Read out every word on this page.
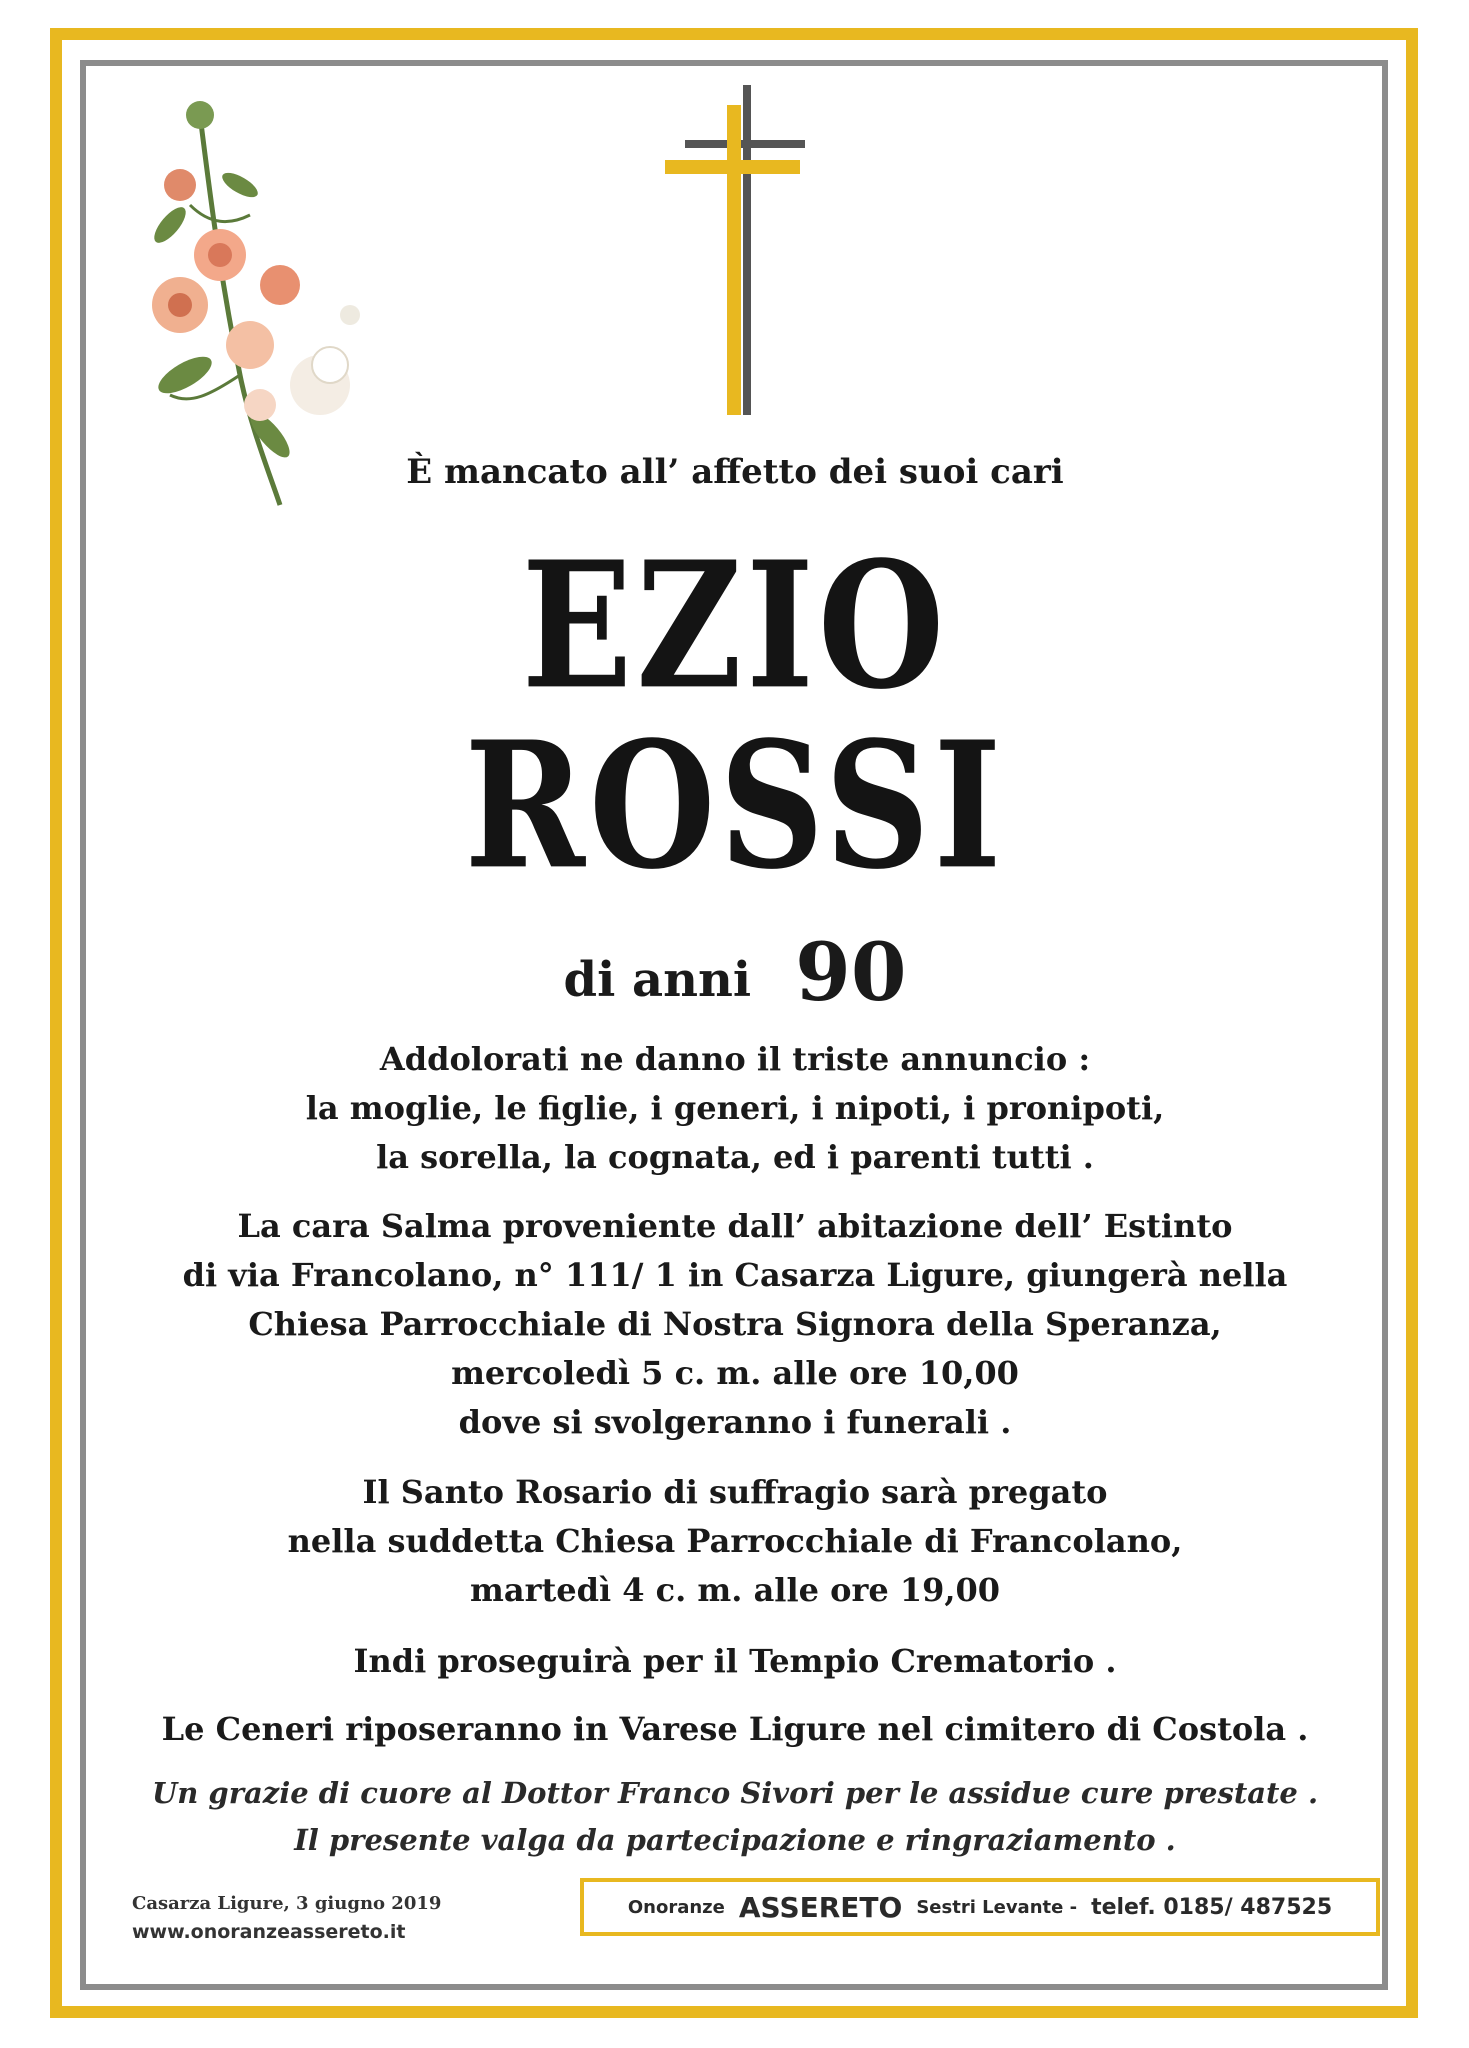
È mancato all’ affetto dei suoi cari
EZIO
ROSSI
di anni 90
Addolorati ne danno il triste annuncio :
la moglie, le figlie, i generi, i nipoti, i pronipoti,
la sorella, la cognata, ed i parenti tutti .
La cara Salma proveniente dall’ abitazione dell’ Estinto
di via Francolano, n° 111/ 1 in Casarza Ligure, giungerà nella
Chiesa Parrocchiale di Nostra Signora della Speranza,
mercoledì 5 c. m. alle ore 10,00
dove si svolgeranno i funerali .
Il Santo Rosario di suffragio sarà pregato
nella suddetta Chiesa Parrocchiale di Francolano,
martedì 4 c. m. alle ore 19,00
Indi proseguirà per il Tempio Crematorio .
Le Ceneri riposeranno in Varese Ligure nel cimitero di Costola .
Un grazie di cuore al Dottor Franco Sivori per le assidue cure prestate .
Il presente valga da partecipazione e ringraziamento .
Casarza Ligure, 3 giugno 2019
www.onoranzeassereto.it
Onoranze ASSERETO Sestri Levante - telef. 0185/ 487525
